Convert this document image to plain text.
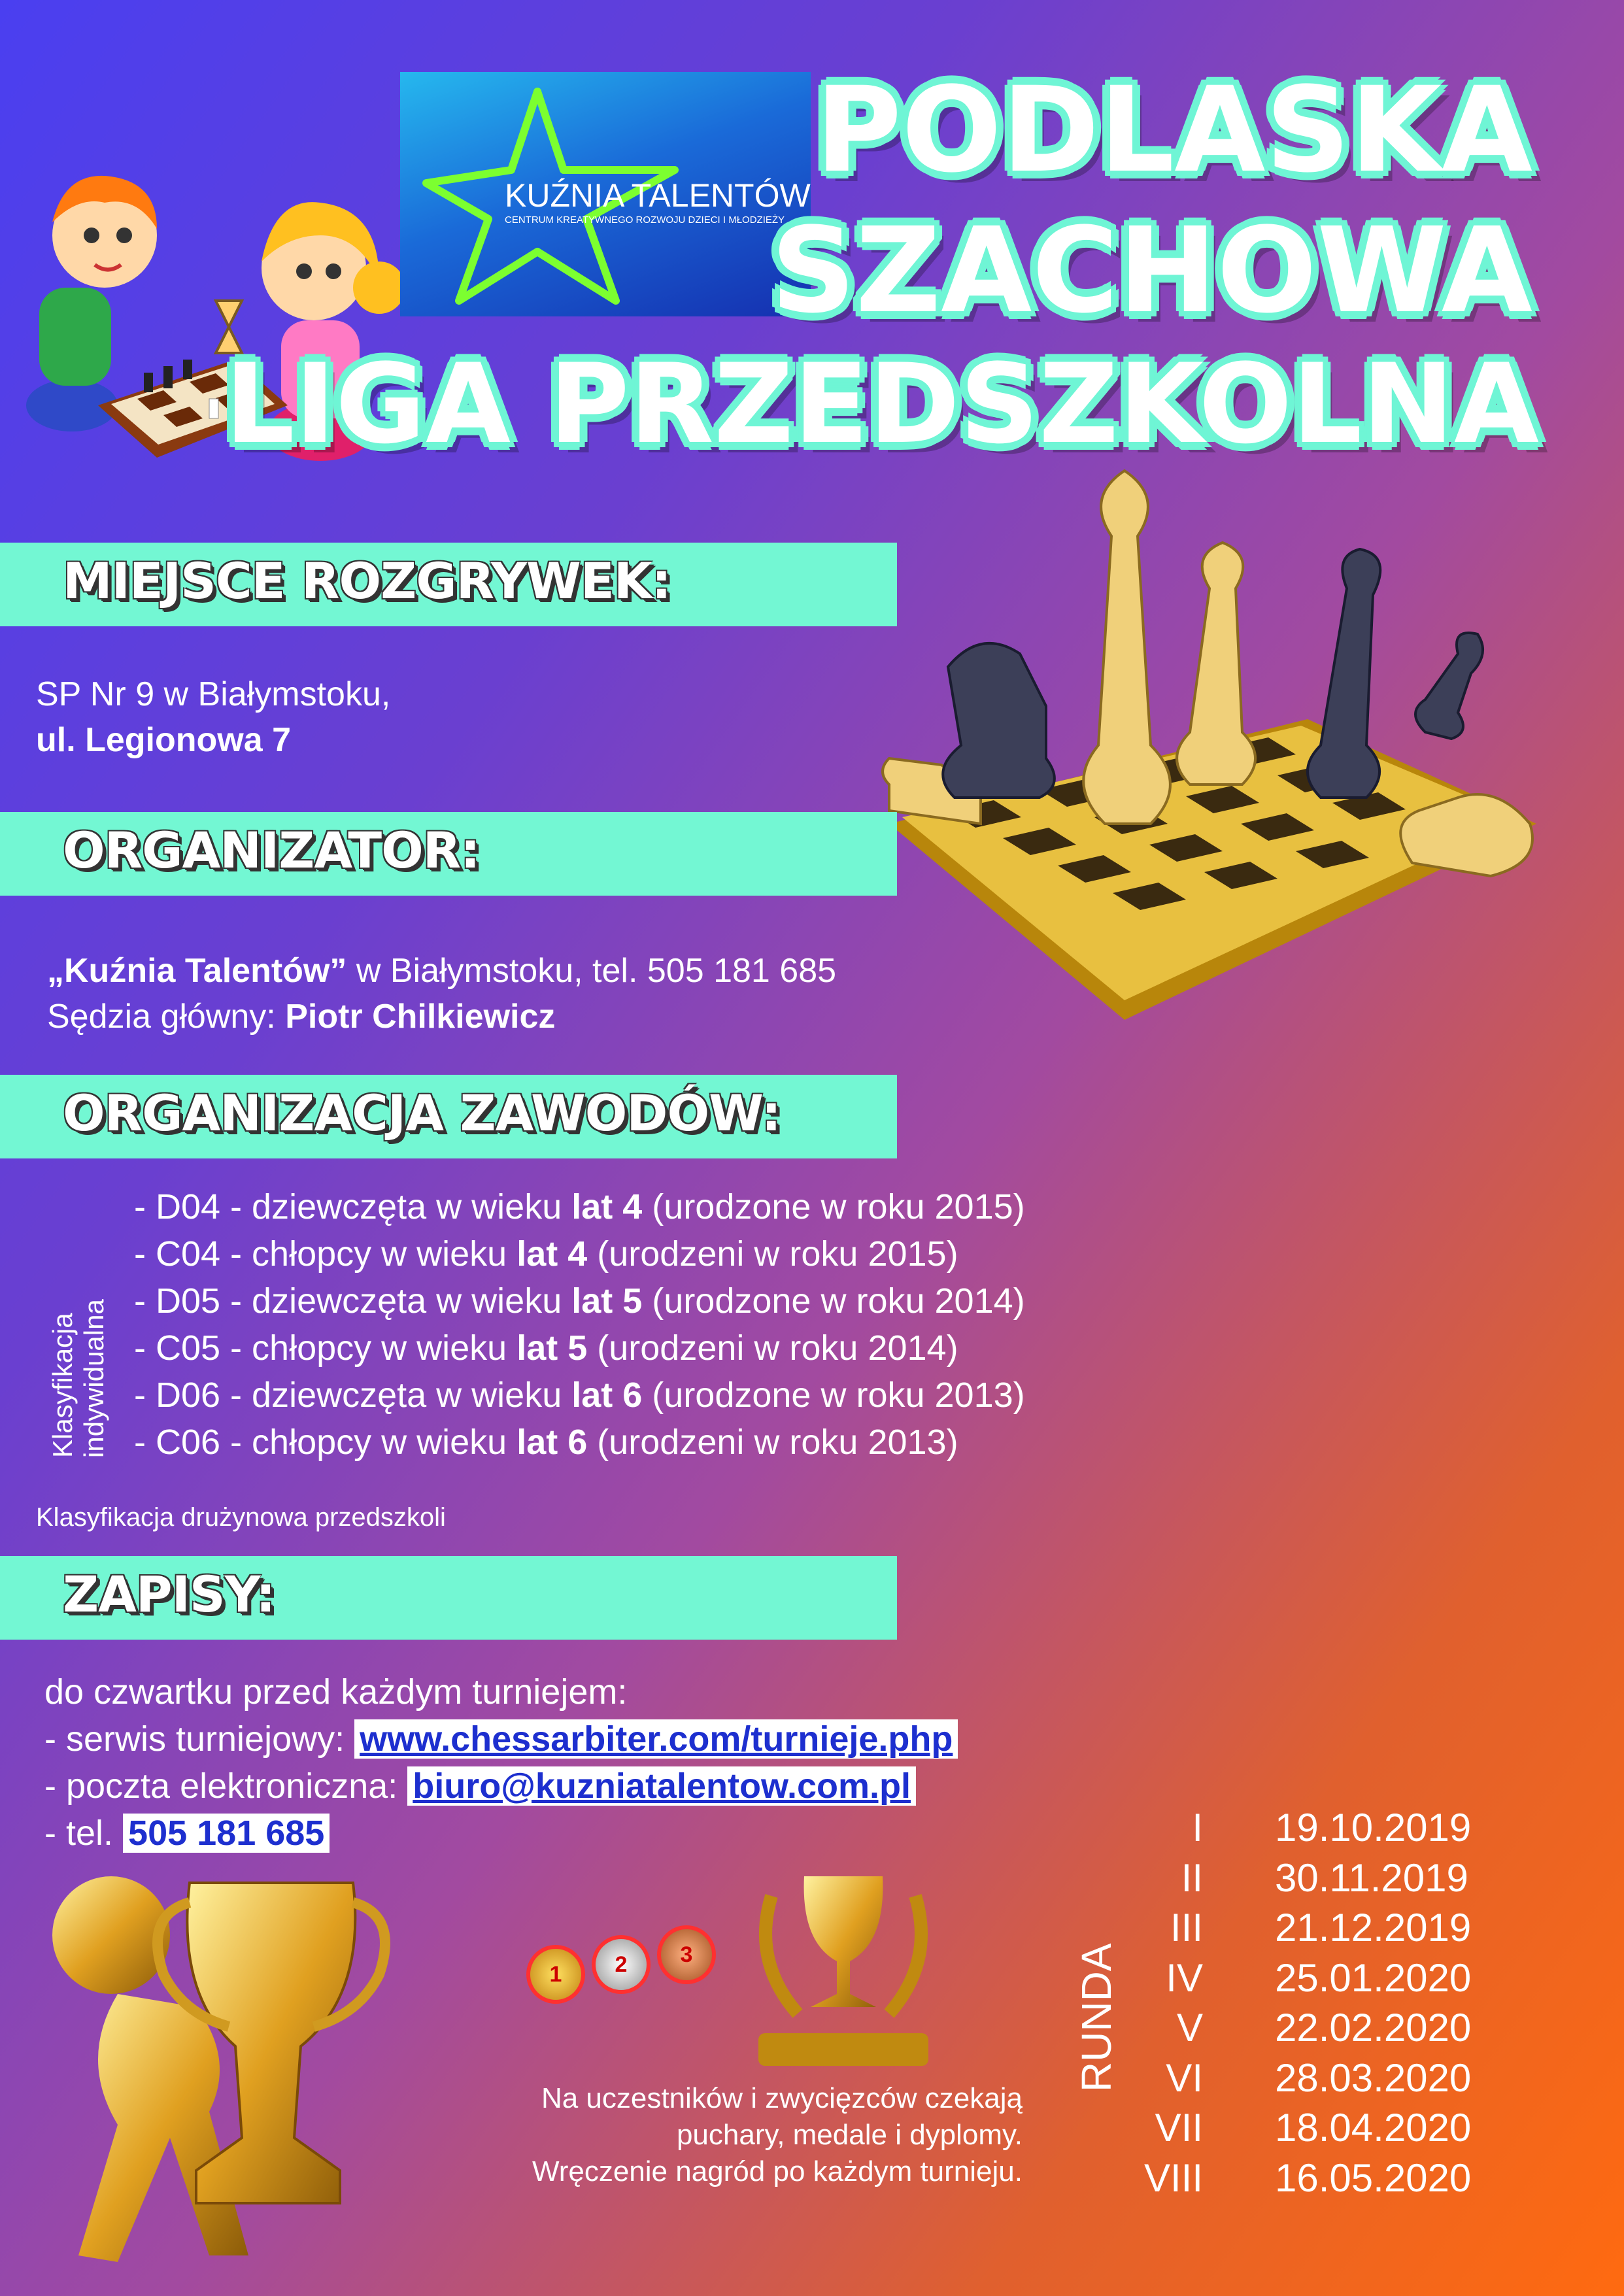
KUŹNIA TALENTÓW
CENTRUM KREATYWNEGO ROZWOJU DZIECI I MŁODZIEŻY
PODLASKA
SZACHOWA
LIGA PRZEDSZKOLNA
MIEJSCE ROZGRYWEK:
SP Nr 9 w Białymstoku,
ul. Legionowa 7
ORGANIZATOR:
„Kuźnia Talentów” w Białymstoku, tel. 505 181 685
Sędzia główny: Piotr Chilkiewicz
ORGANIZACJA ZAWODÓW:
Klasyfikacja indywidualna
- D04 - dziewczęta w wieku lat 4 (urodzone w roku 2015)
- C04 - chłopcy w wieku lat 4 (urodzeni w roku 2015)
- D05 - dziewczęta w wieku lat 5 (urodzone w roku 2014)
- C05 - chłopcy w wieku lat 5 (urodzeni w roku 2014)
- D06 - dziewczęta w wieku lat 6 (urodzone w roku 2013)
- C06 - chłopcy w wieku lat 6 (urodzeni w roku 2013)
Klasyfikacja drużynowa przedszkoli
ZAPISY:
do czwartku przed każdym turniejem:
- serwis turniejowy: www.chessarbiter.com/turnieje.php
- poczta elektroniczna: biuro@kuzniatalentow.com.pl
- tel. 505 181 685
1	2	3
Na uczestników i zwycięzców czekają
puchary, medale i dyplomy.
Wręczenie nagród po każdym turnieju.
RUNDA
I 19.10.2019
II 30.11.2019
III 21.12.2019
IV 25.01.2020
V 22.02.2020
VI 28.03.2020
VII 18.04.2020
VIII 16.05.2020
